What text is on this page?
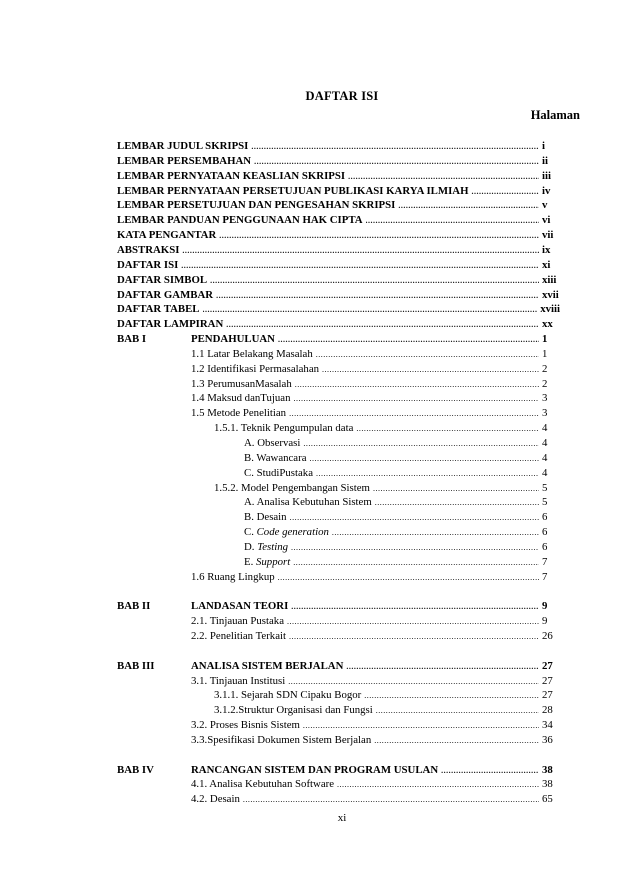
DAFTAR ISI
Halaman
LEMBAR JUDUL SKRIPSI .....	i
LEMBAR PERSEMBAHAN .....	ii
LEMBAR PERNYATAAN KEASLIAN SKRIPSI .....	iii
LEMBAR PERNYATAAN PERSETUJUAN PUBLIKASI KARYA ILMIAH .....	iv
LEMBAR PERSETUJUAN DAN PENGESAHAN SKRIPSI .....	v
LEMBAR PANDUAN PENGGUNAAN HAK CIPTA .....	vi
KATA PENGANTAR .....	vii
ABSTRAKSI .....	ix
DAFTAR ISI .....	xi
DAFTAR SIMBOL .....	xiii
DAFTAR GAMBAR .....	xvii
DAFTAR TABEL .....	xviii
DAFTAR LAMPIRAN .....	xx
BAB I	PENDAHULUAN .....	1
1.1 Latar Belakang Masalah .....	1
1.2 Identifikasi Permasalahan .....	2
1.3 PerumusanMasalah .....	2
1.4 Maksud danTujuan .....	3
1.5 Metode Penelitian .....	3
1.5.1. Teknik Pengumpulan data .....	4
A. Observasi .....	4
B. Wawancara .....	4
C. StudiPustaka .....	4
1.5.2. Model Pengembangan Sistem .....	5
A. Analisa Kebutuhan Sistem .....	5
B. Desain .....	6
C. Code generation .....	6
D. Testing .....	6
E. Support .....	7
1.6 Ruang Lingkup .....	7
BAB II	LANDASAN TEORI .....	9
2.1. Tinjauan Pustaka .....	9
2.2. Penelitian Terkait .....	26
BAB III	ANALISA SISTEM BERJALAN .....	27
3.1. Tinjauan Institusi .....	27
3.1.1. Sejarah SDN Cipaku Bogor .....	27
3.1.2.Struktur Organisasi dan Fungsi .....	28
3.2. Proses Bisnis Sistem .....	34
3.3.Spesifikasi Dokumen Sistem Berjalan .....	36
BAB IV	RANCANGAN SISTEM DAN PROGRAM USULAN .....	38
4.1. Analisa Kebutuhan Software .....	38
4.2. Desain .....	65
xi
